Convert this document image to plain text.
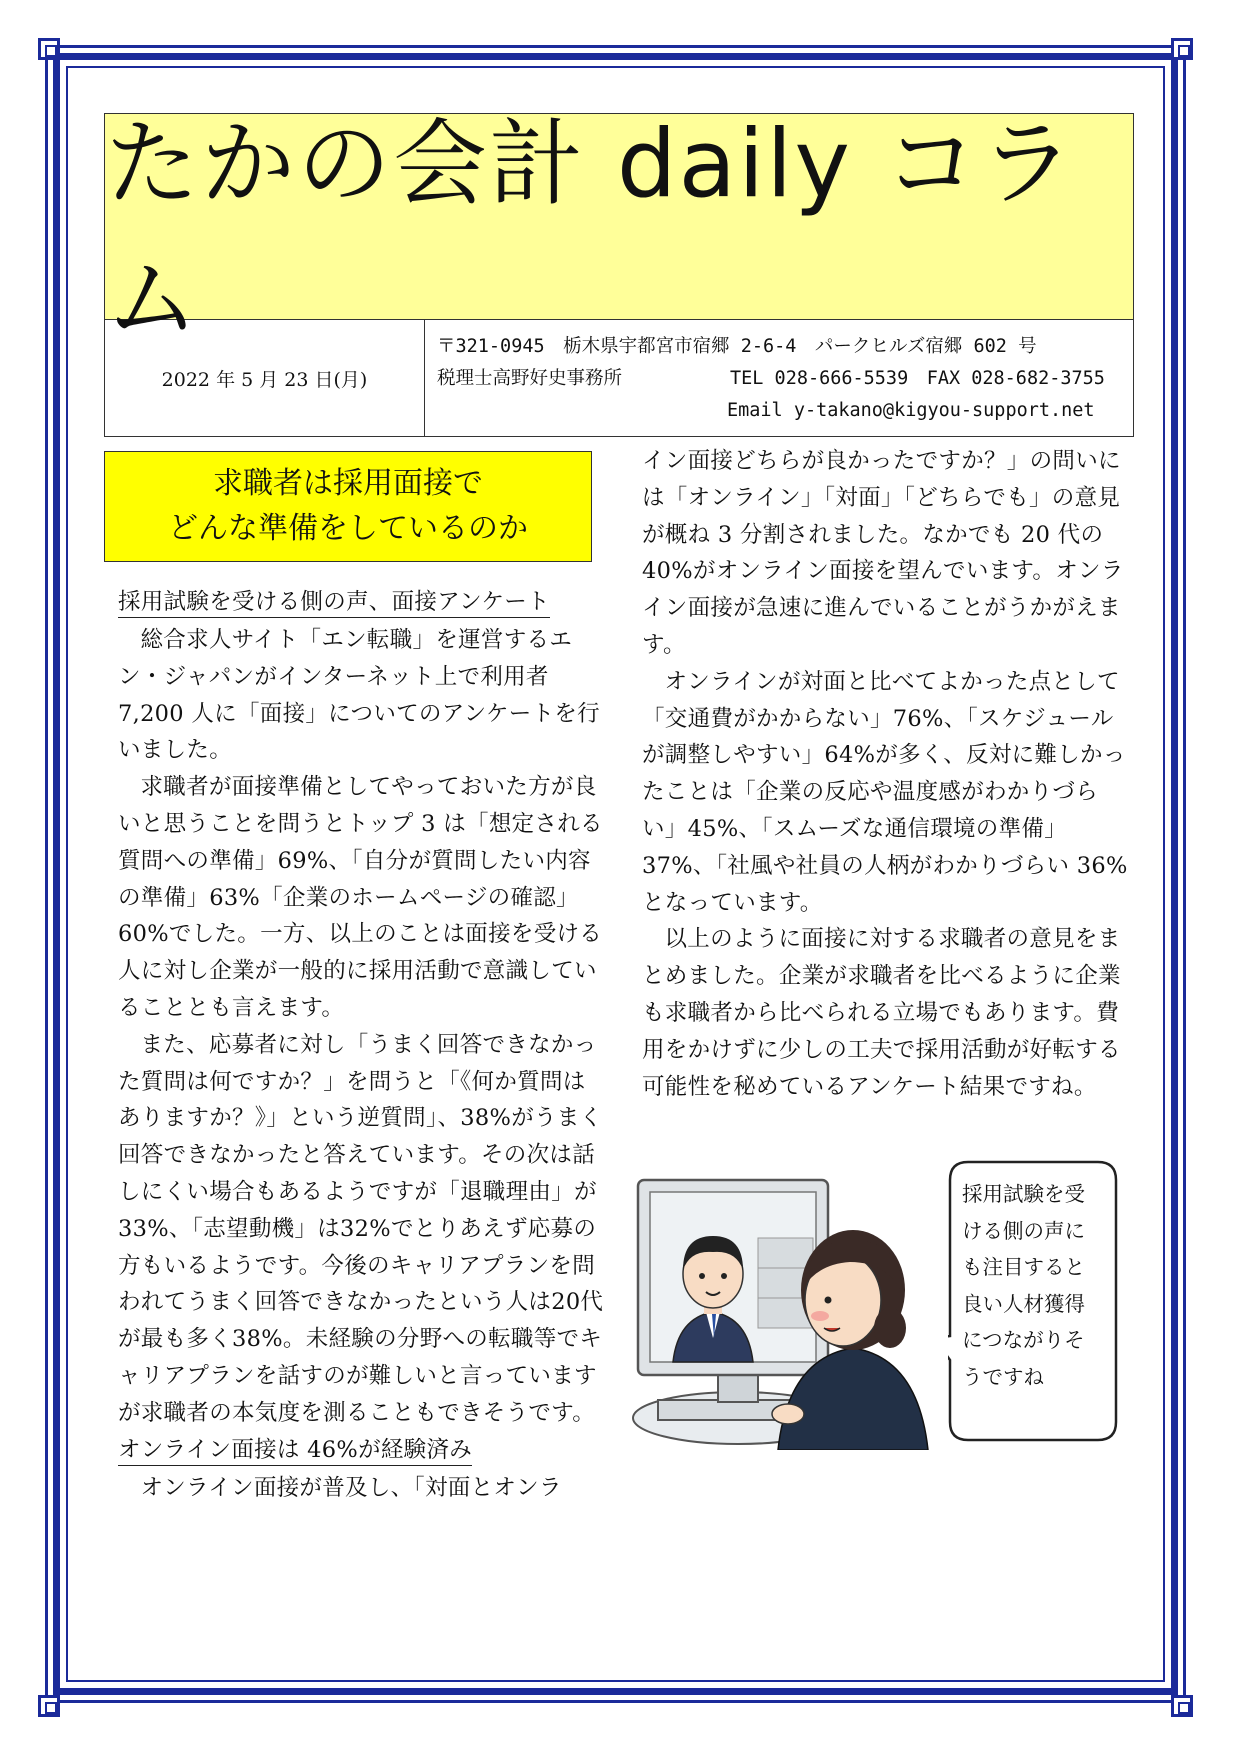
たかの会計 daily コラム
2022 年 5 月 23 日(月)
〒321-0945　栃木県宇都宮市宿郷 2-6-4　パークヒルズ宿郷 602 号
税理士高野好史事務所	TEL 028-666-5539　FAX 028-682-3755
Email y-takano@kigyou-support.net
求職者は採用面接で
どんな準備をしているのか
採用試験を受ける側の声、面接アンケート

総合求人サイト「エン転職」を運営するエン・ジャパンがインターネット上で利用者 7,200 人に「面接」についてのアンケートを行いました。

求職者が面接準備としてやっておいた方が良いと思うことを問うとトップ 3 は「想定される質問への準備」69%、「自分が質問したい内容の準備」63%「企業のホームページの確認」60%でした。一方、以上のことは面接を受ける人に対し企業が一般的に採用活動で意識していることとも言えます。

また、応募者に対し「うまく回答できなかった質問は何ですか？」を問うと「《何か質問はありますか？》」という逆質問」、38%がうまく回答できなかったと答えています。その次は話しにくい場合もあるようですが「退職理由」が33%、「志望動機」は32%でとりあえず応募の方もいるようです。今後のキャリアプランを問われてうまく回答できなかったという人は20代が最も多く38%。未経験の分野への転職等でキャリアプランを話すのが難しいと言っていますが求職者の本気度を測ることもできそうです。

オンライン面接は 46%が経験済み

オンライン面接が普及し、「対面とオンラ

イン面接どちらが良かったですか？」の問いには「オンライン」「対面」「どちらでも」の意見が概ね 3 分割されました。なかでも 20 代の 40%がオンライン面接を望んでいます。オンライン面接が急速に進んでいることがうかがえます。

オンラインが対面と比べてよかった点として「交通費がかからない」76%、「スケジュールが調整しやすい」64%が多く、反対に難しかったことは「企業の反応や温度感がわかりづらい」45%、「スムーズな通信環境の準備」37%、「社風や社員の人柄がわかりづらい 36%となっています。

以上のように面接に対する求職者の意見をまとめました。企業が求職者を比べるように企業も求職者から比べられる立場でもあります。費用をかけずに少しの工夫で採用活動が好転する可能性を秘めているアンケート結果ですね。

採用試験を受
ける側の声に
も注目すると
良い人材獲得
につながりそ
うですね
